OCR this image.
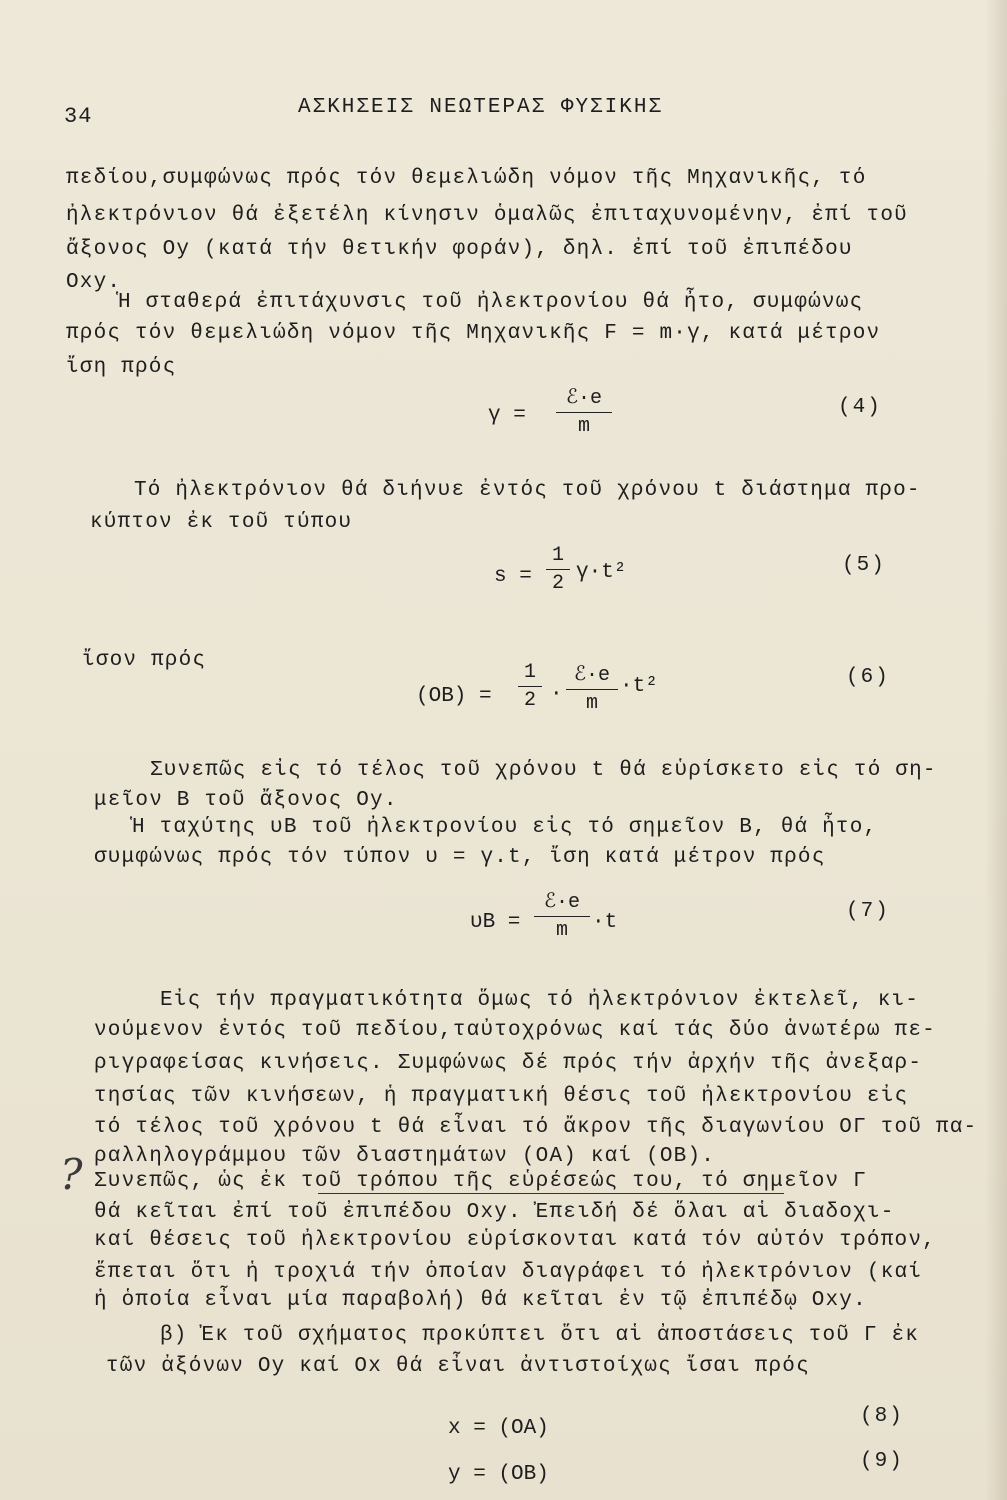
34	ΑΣΚΗΣΕΙΣ ΝΕΩΤΕΡΑΣ ΦΥΣΙΚΗΣ
πεδίου,συμφώνως πρός τόν θεμελιώδη νόμον τῆς Μηχανικῆς, τό
ἠλεκτρόνιον θά ἐξετέλη κίνησιν ὁμαλῶς ἐπιταχυνομένην, ἐπί τοῦ
ἄξονος Oy (κατά τήν θετικήν φοράν), δηλ. ἐπί τοῦ ἐπιπέδου
Oxy.
Ἡ σταθερά ἐπιτάχυνσις τοῦ ἠλεκτρονίου θά ἦτο, συμφώνως
πρός τόν θεμελιώδη νόμον τῆς Μηχανικῆς F = m·γ, κατά μέτρον
ἴση πρός
γ =
ℰ·e
m
(4)
Τό ἠλεκτρόνιον θά διήνυε ἐντός τοῦ χρόνου t διάστημα προ-
κύπτον ἐκ τοῦ τύπου
s =
1
2 γ·t²	(5)
ἴσον πρός
(OB) =
1
2 ·
ℰ·e
m
·t²	(6)
Συνεπῶς εἰς τό τέλος τοῦ χρόνου t θά εὑρίσκετο εἰς τό ση-
μεῖον B τοῦ ἄξονος Oy.
Ἡ ταχύτης υB τοῦ ἠλεκτρονίου εἰς τό σημεῖον B, θά ἦτο,
συμφώνως πρός τόν τύπον υ = γ.t, ἴση κατά μέτρον πρός
υB =
ℰ·e
m	·t	(7)
Εἰς τήν πραγματικότητα ὅμως τό ἠλεκτρόνιον ἐκτελεῖ, κι-
νούμενον ἐντός τοῦ πεδίου,ταὐτοχρόνως καί τάς δύο ἀνωτέρω πε-
ριγραφείσας κινήσεις. Συμφώνως δέ πρός τήν ἀρχήν τῆς ἀνεξαρ-
τησίας τῶν κινήσεων, ἡ πραγματική θέσις τοῦ ἠλεκτρονίου εἰς
τό τέλος τοῦ χρόνου t θά εἶναι τό ἄκρον τῆς διαγωνίου OΓ τοῦ πα-
ραλληλογράμμου τῶν διαστημάτων (OA) καί (OB).
Συνεπῶς, ὡς ἐκ τοῦ τρόπου τῆς εὑρέσεώς του, τό σημεῖον Γ
θά κεῖται ἐπί τοῦ ἐπιπέδου Oxy. Ἐπειδή δέ ὅλαι αἱ διαδοχι-
καί θέσεις τοῦ ἠλεκτρονίου εὑρίσκονται κατά τόν αὐτόν τρόπον,
ἕπεται ὅτι ἡ τροχιά τήν ὁποίαν διαγράφει τό ἠλεκτρόνιον (καί
ἡ ὁποία εἶναι μία παραβολή) θά κεῖται ἐν τῷ ἐπιπέδῳ Oxy.
β) Ἐκ τοῦ σχήματος προκύπτει ὅτι αἱ ἀποστάσεις τοῦ Γ ἐκ
τῶν ἀξόνων Oy καί Ox θά εἶναι ἀντιστοίχως ἴσαι πρός
x = (OA)
(8)
y = (OB)
(9)
?
